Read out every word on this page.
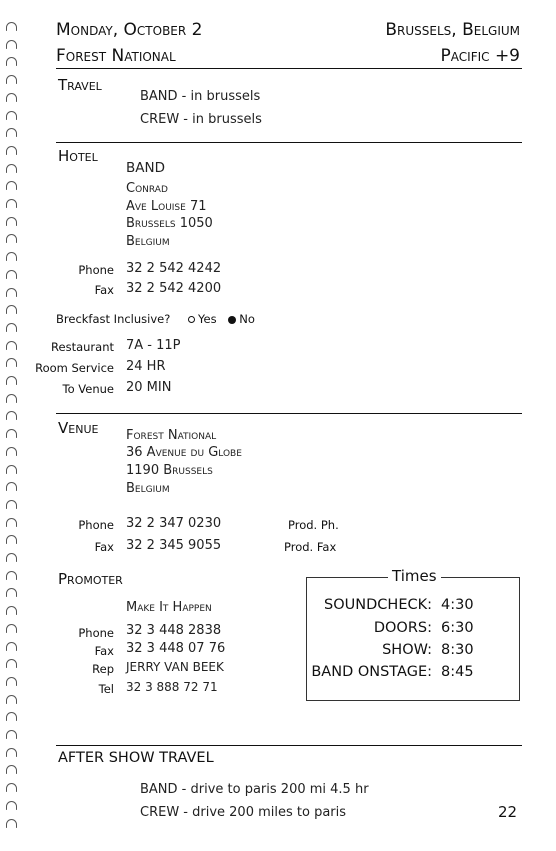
Monday, October 2	Brussels, Belgium
Forest National	Pacific +9
Travel
BAND - in brussels
CREW - in brussels
Hotel
BAND
Conrad
Ave Louise 71
Brussels 1050
Belgium
Phone 32 2 542 4242
Fax 32 2 542 4200
Breckfast Inclusive? Yes No
Restaurant 7A - 11P
Room Service 24 HR
To Venue 20 MIN
Venue Forest National
36 Avenue du Globe
1190 Brussels
Belgium
Phone 32 2 347 0230	Prod. Ph.
Fax 32 2 345 9055	Prod. Fax
Promoter
Make It Happen
Phone 32 3 448 2838
Fax 32 3 448 07 76
Rep JERRY VAN BEEK
Tel 32 3 888 72 71
Times
SOUNDCHECK: 4:30
DOORS: 6:30
SHOW: 8:30
BAND ONSTAGE: 8:45
AFTER SHOW TRAVEL
BAND - drive to paris 200 mi 4.5 hr
CREW - drive 200 miles to paris	22
